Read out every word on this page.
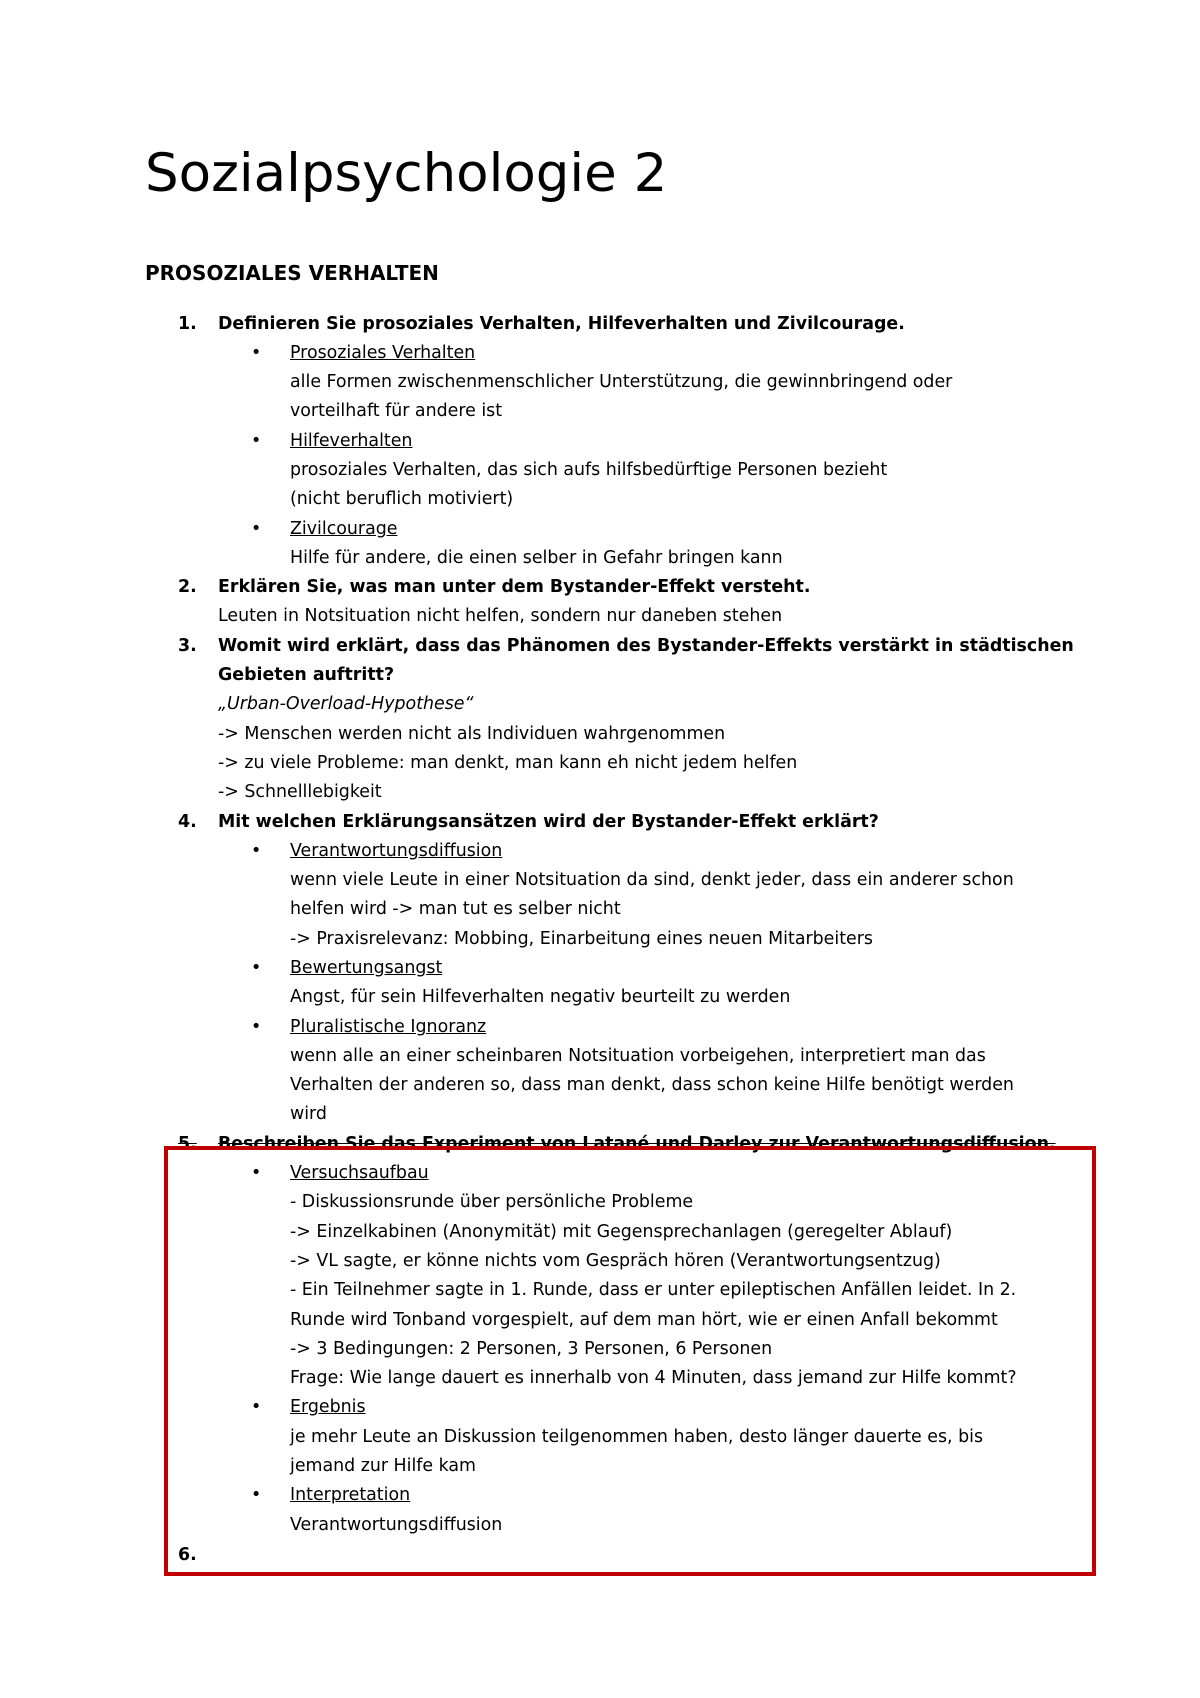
Sozialpsychologie 2
PROSOZIALES VERHALTEN
1. Definieren Sie prosoziales Verhalten, Hilfeverhalten und Zivilcourage.
• Prosoziales Verhalten
alle Formen zwischenmenschlicher Unterstützung, die gewinnbringend oder
vorteilhaft für andere ist
• Hilfeverhalten
prosoziales Verhalten, das sich aufs hilfsbedürftige Personen bezieht
(nicht beruflich motiviert)
• Zivilcourage
Hilfe für andere, die einen selber in Gefahr bringen kann
2. Erklären Sie, was man unter dem Bystander-Effekt versteht.
Leuten in Notsituation nicht helfen, sondern nur daneben stehen
3. Womit wird erklärt, dass das Phänomen des Bystander-Effekts verstärkt in städtischen
Gebieten auftritt?
„Urban-Overload-Hypothese“
-> Menschen werden nicht als Individuen wahrgenommen
-> zu viele Probleme: man denkt, man kann eh nicht jedem helfen
-> Schnelllebigkeit
4. Mit welchen Erklärungsansätzen wird der Bystander-Effekt erklärt?
• Verantwortungsdiffusion
wenn viele Leute in einer Notsituation da sind, denkt jeder, dass ein anderer schon
helfen wird -> man tut es selber nicht
-> Praxisrelevanz: Mobbing, Einarbeitung eines neuen Mitarbeiters
• Bewertungsangst
Angst, für sein Hilfeverhalten negativ beurteilt zu werden
• Pluralistische Ignoranz
wenn alle an einer scheinbaren Notsituation vorbeigehen, interpretiert man das
Verhalten der anderen so, dass man denkt, dass schon keine Hilfe benötigt werden
wird
5. Beschreiben Sie das Experiment von Latané und Darley zur Verantwortungsdiffusion.
• Versuchsaufbau
- Diskussionsrunde über persönliche Probleme
-> Einzelkabinen (Anonymität) mit Gegensprechanlagen (geregelter Ablauf)
-> VL sagte, er könne nichts vom Gespräch hören (Verantwortungsentzug)
- Ein Teilnehmer sagte in 1. Runde, dass er unter epileptischen Anfällen leidet. In 2.
Runde wird Tonband vorgespielt, auf dem man hört, wie er einen Anfall bekommt
-> 3 Bedingungen: 2 Personen, 3 Personen, 6 Personen
Frage: Wie lange dauert es innerhalb von 4 Minuten, dass jemand zur Hilfe kommt?
• Ergebnis
je mehr Leute an Diskussion teilgenommen haben, desto länger dauerte es, bis
jemand zur Hilfe kam
• Interpretation
Verantwortungsdiffusion
6.
